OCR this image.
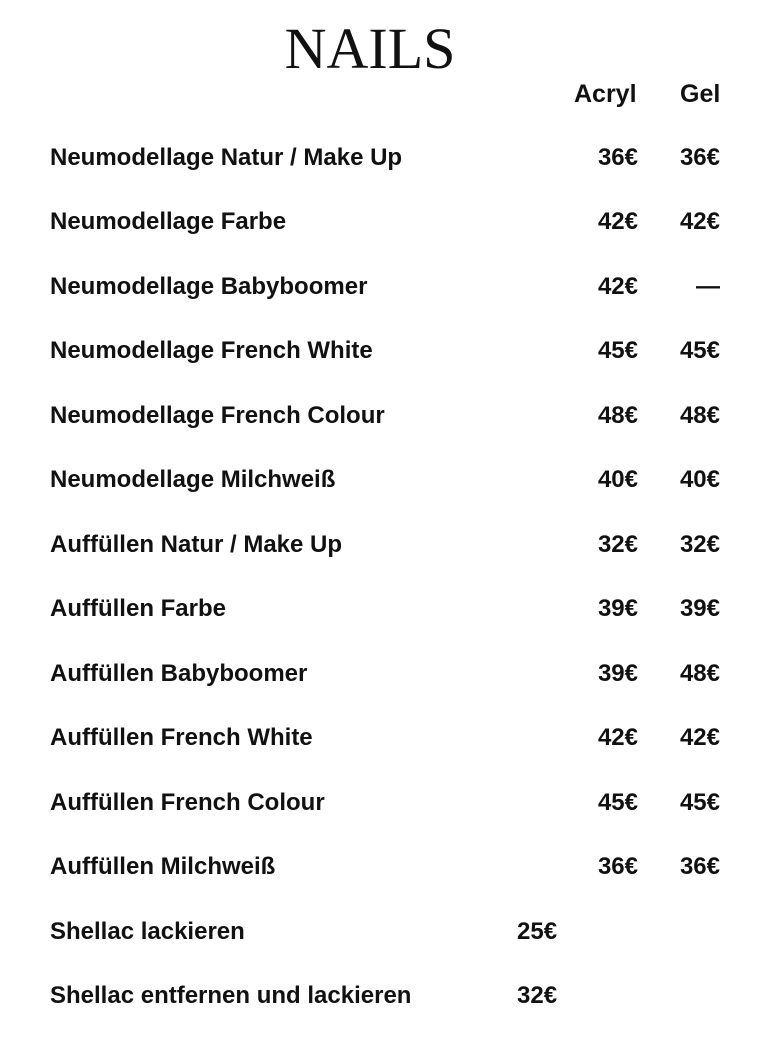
NAILS
Acryl Gel
Neumodellage Natur / Make Up	36€ 36€
Neumodellage Farbe	42€ 42€
Neumodellage Babyboomer	42€ —
Neumodellage French White	45€ 45€
Neumodellage French Colour	48€ 48€
Neumodellage Milchweiß	40€ 40€
Auffüllen Natur / Make Up	32€ 32€
Auffüllen Farbe	39€ 39€
Auffüllen Babyboomer	39€ 48€
Auffüllen French White	42€ 42€
Auffüllen French Colour	45€ 45€
Auffüllen Milchweiß	36€ 36€
Shellac lackieren	25€
Shellac entfernen und lackieren	32€
